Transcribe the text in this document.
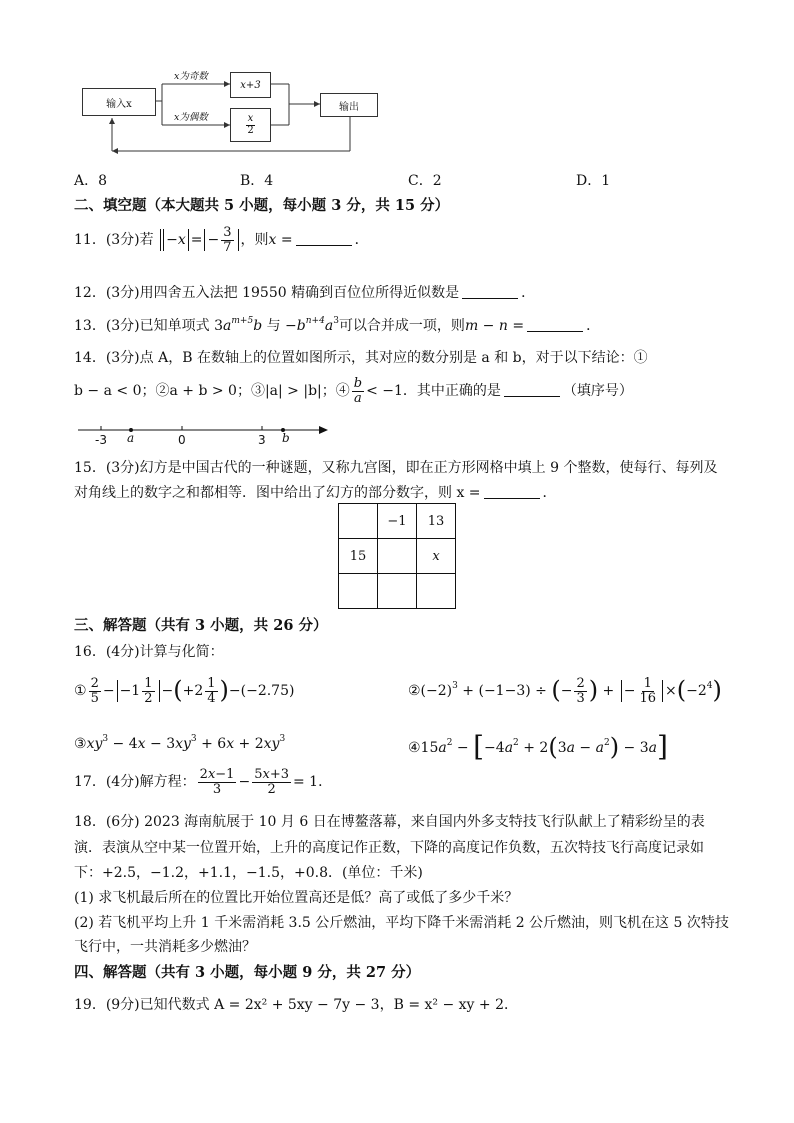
输入x
x为奇数
x为偶数
x+3
$\frac{x}{2}$
输出
A．8	B．4	C．2	D．1
二、填空题（本大题共 5 小题，每小题 3 分，共 15 分）
11．(3分)若 −x = − $\frac{3}{7}$ ，则x =	．
12．(3分)用四舍五入法把 19550 精确到百位位所得近似数是	．
13．(3分)已知单项式 $3a^{m+5}b$ 与 $-b^{n+4}a^3$可以合并成一项，则m − n =	．
14．(3分)点 A，B 在数轴上的位置如图所示，其对应的数分别是 a 和 b，对于以下结论：①
b − a < 0；②a + b > 0；③|a| > |b|；④ $\frac{b}{a} < -1$．其中正确的是	（填序号）
-3 a	0	3 b
15．(3分)幻方是中国古代的一种谜题，又称九宫图，即在正方形网格中填上 9 个整数，使每行、每列及
对角线上的数字之和都相等．图中给出了幻方的部分数字，则 x =	．
	−1	13
15		x

三、解答题（共有 3 小题，共 26 分）
16．(4分)计算与化简：
① $\frac{2}{5} - -1 \frac{1}{2} -(+2 \frac{1}{4} )-(-2.75)$	$②(-2)^3 + (-1-3)$ ÷ (− $\frac{2}{3}$ ) + − $\frac{1}{16} \times(-2^4)$
$③xy^3 - 4x - 3xy^3 + 6x + 2xy^3$
$④15a^2 - [-4a^2 + 2(3a - a^2) - 3a]$
17．(4分)解方程： $\frac{2x-1}{3} - \frac{5x+3}{2} = 1$．
18．(6分) 2023 海南航展于 10 月 6 日在博鳌落幕，来自国内外多支特技飞行队献上了精彩纷呈的表
演．表演从空中某一位置开始，上升的高度记作正数，下降的高度记作负数，五次特技飞行高度记录如
下：+2.5，−1.2，+1.1，−1.5，+0.8．(单位：千米)
(1) 求飞机最后所在的位置比开始位置高还是低？高了或低了多少千米？
(2) 若飞机平均上升 1 千米需消耗 3.5 公斤燃油，平均下降千米需消耗 2 公斤燃油，则飞机在这 5 次特技
飞行中，一共消耗多少燃油？
四、解答题（共有 3 小题，每小题 9 分，共 27 分）
19．(9分)已知代数式 A = 2x² + 5xy − 7y − 3，B = x² − xy + 2．
